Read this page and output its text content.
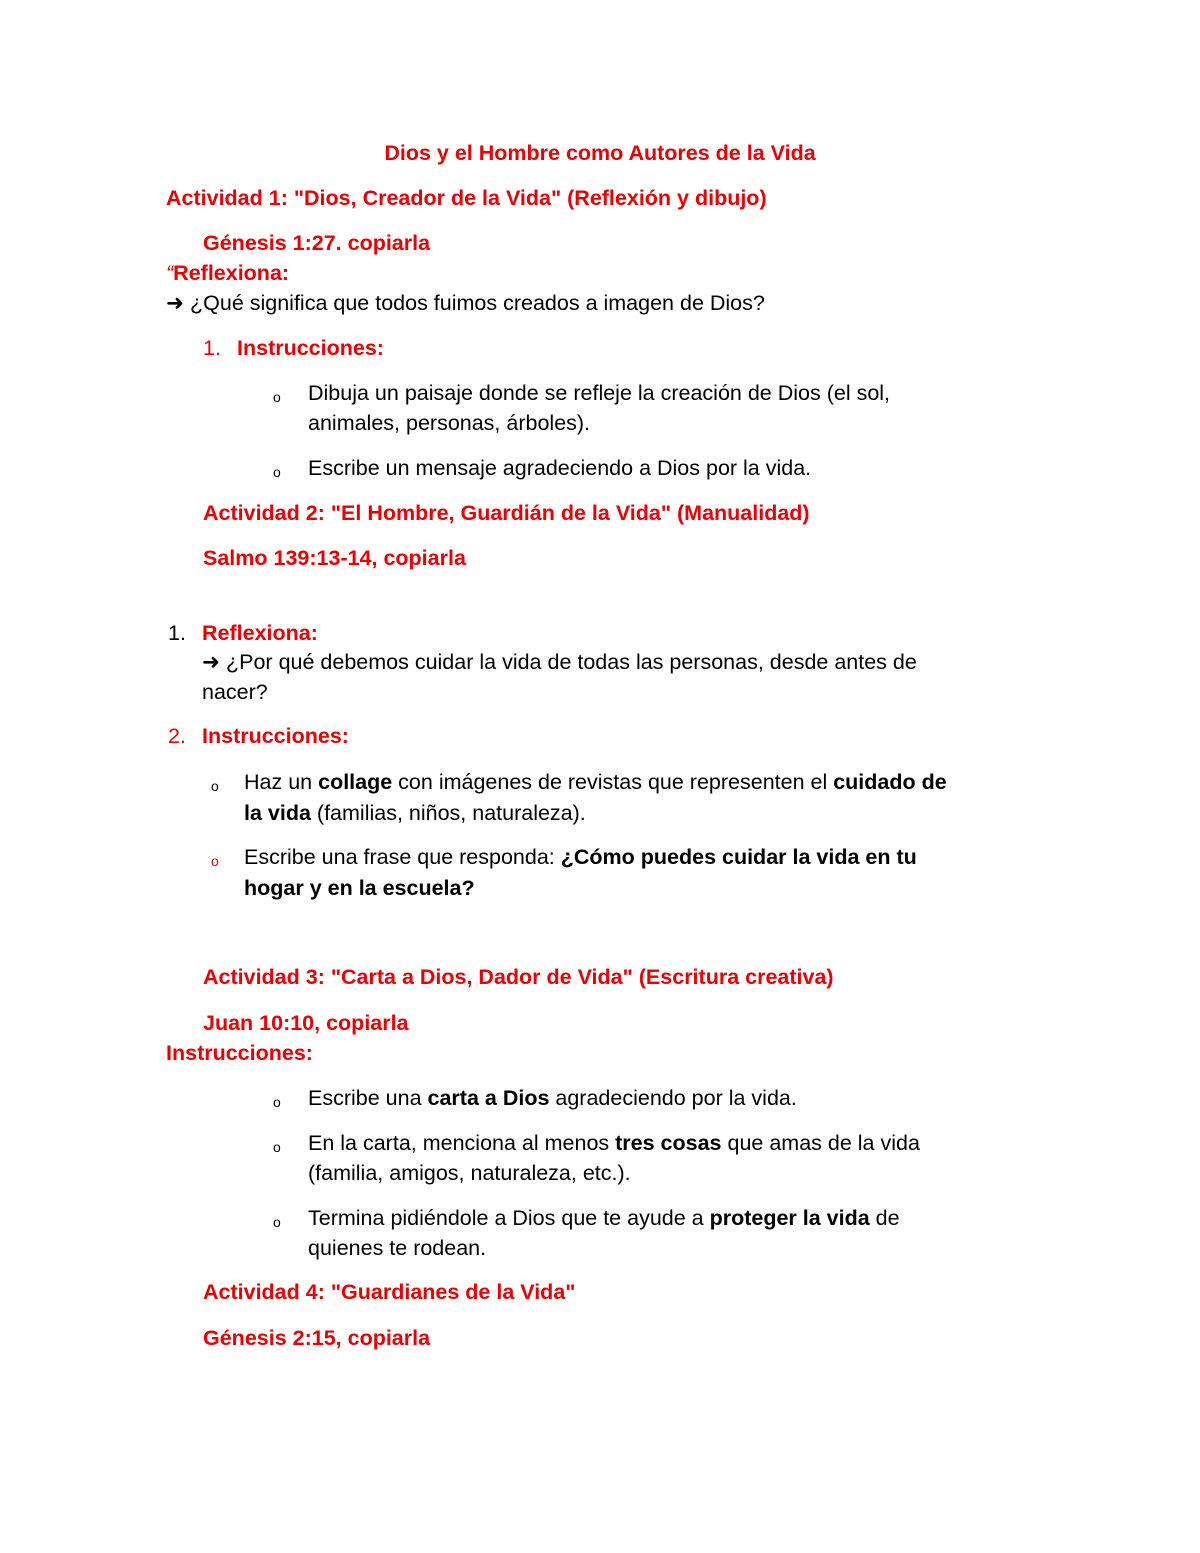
Dios y el Hombre como Autores de la Vida
Actividad 1: "Dios, Creador de la Vida" (Reflexión y dibujo)
Génesis 1:27. copiarla
“Reflexiona:
➜ ¿Qué significa que todos fuimos creados a imagen de Dios?
1. Instrucciones:
o Dibuja un paisaje donde se refleje la creación de Dios (el sol,
animales, personas, árboles).
o Escribe un mensaje agradeciendo a Dios por la vida.
Actividad 2: "El Hombre, Guardián de la Vida" (Manualidad)
Salmo 139:13-14, copiarla
1. Reflexiona:
➜ ¿Por qué debemos cuidar la vida de todas las personas, desde antes de
nacer?
2. Instrucciones:
o Haz un collage con imágenes de revistas que representen el cuidado de
la vida (familias, niños, naturaleza).
o Escribe una frase que responda: ¿Cómo puedes cuidar la vida en tu
hogar y en la escuela?
Actividad 3: "Carta a Dios, Dador de Vida" (Escritura creativa)
Juan 10:10, copiarla
Instrucciones:
o Escribe una carta a Dios agradeciendo por la vida.
o En la carta, menciona al menos tres cosas que amas de la vida
(familia, amigos, naturaleza, etc.).
o Termina pidiéndole a Dios que te ayude a proteger la vida de
quienes te rodean.
Actividad 4: "Guardianes de la Vida"
Génesis 2:15, copiarla
